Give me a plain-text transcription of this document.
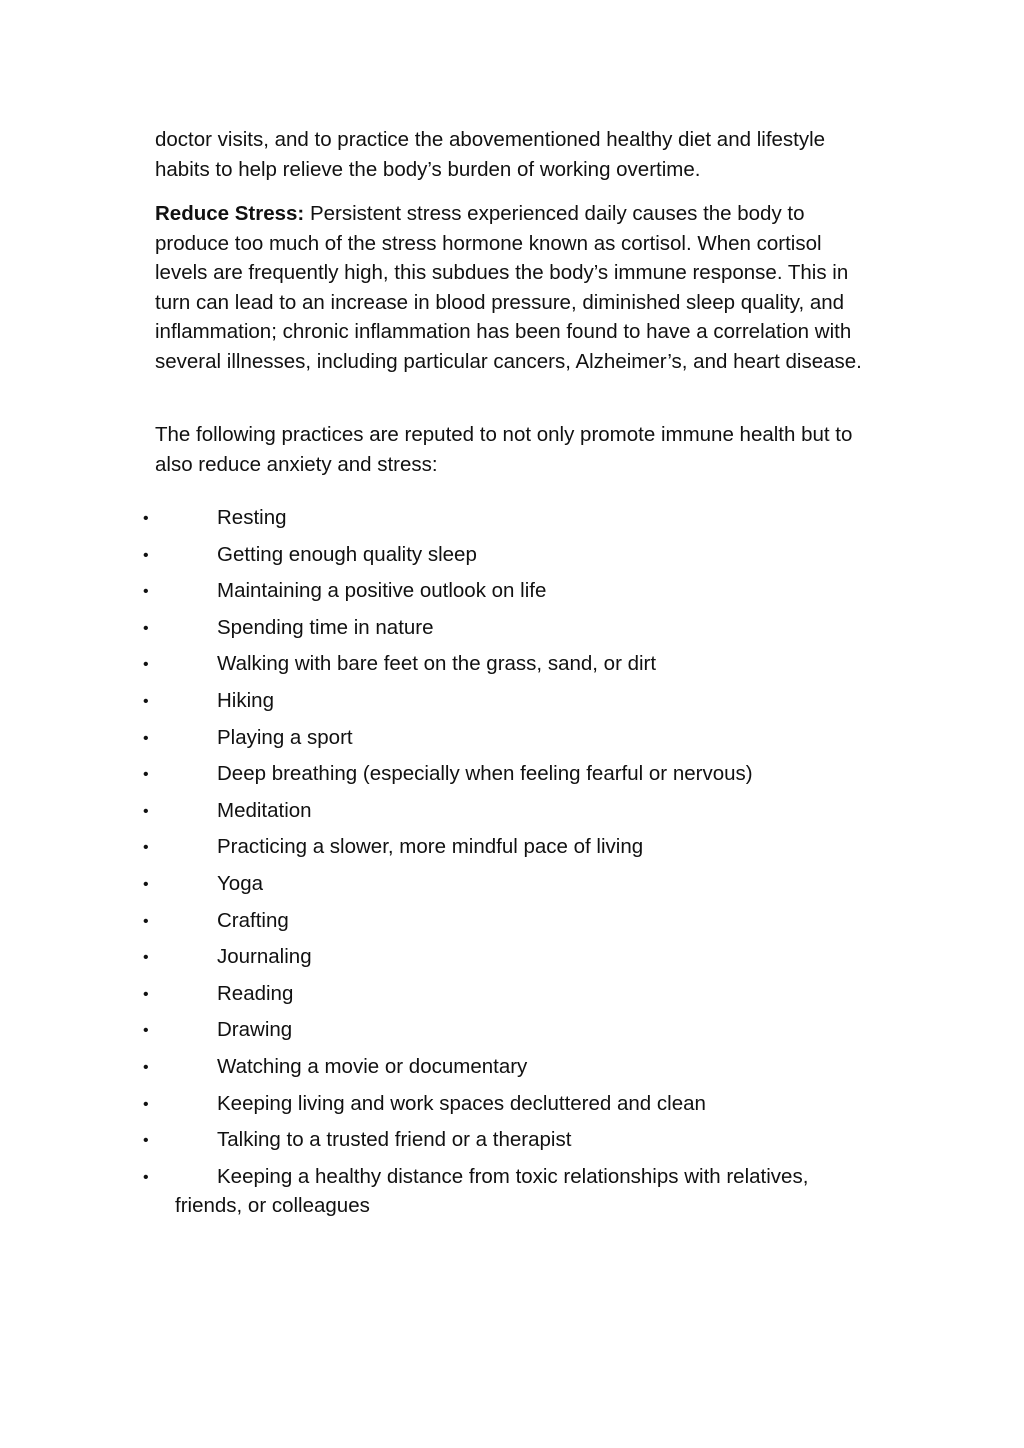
doctor visits, and to practice the abovementioned healthy diet and lifestyle habits to help relieve the body’s burden of working overtime.

Reduce Stress: Persistent stress experienced daily causes the body to produce too much of the stress hormone known as cortisol. When cortisol levels are frequently high, this subdues the body’s immune response. This in turn can lead to an increase in blood pressure, diminished sleep quality, and inflammation; chronic inflammation has been found to have a correlation with several illnesses, including particular cancers, Alzheimer’s, and heart disease.

The following practices are reputed to not only promote immune health but to also reduce anxiety and stress:

•	Resting
•	Getting enough quality sleep
•	Maintaining a positive outlook on life
•	Spending time in nature
•	Walking with bare feet on the grass, sand, or dirt
•	Hiking
•	Playing a sport
•	Deep breathing (especially when feeling fearful or nervous)
•	Meditation
•	Practicing a slower, more mindful pace of living
•	Yoga
•	Crafting
•	Journaling
•	Reading
•	Drawing
•	Watching a movie or documentary
•	Keeping living and work spaces decluttered and clean
•	Talking to a trusted friend or a therapist
•	Keeping a healthy distance from toxic relationships with relatives,
friends, or colleagues
